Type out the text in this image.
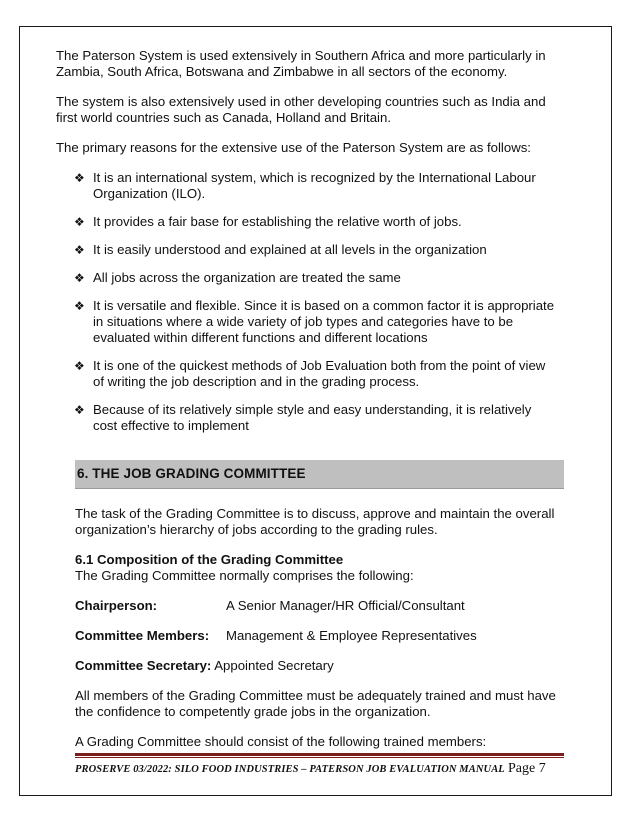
The Paterson System is used extensively in Southern Africa and more particularly in Zambia, South Africa, Botswana and Zimbabwe in all sectors of the economy.

The system is also extensively used in other developing countries such as India and first world countries such as Canada, Holland and Britain.

The primary reasons for the extensive use of the Paterson System are as follows:

❖ It is an international system, which is recognized by the International Labour Organization (ILO).
❖ It provides a fair base for establishing the relative worth of jobs.
❖ It is easily understood and explained at all levels in the organization
❖ All jobs across the organization are treated the same
❖ It is versatile and flexible. Since it is based on a common factor it is appropriate in situations where a wide variety of job types and categories have to be evaluated within different functions and different locations
❖ It is one of the quickest methods of Job Evaluation both from the point of view of writing the job description and in the grading process.
❖ Because of its relatively simple style and easy understanding, it is relatively cost effective to implement
6. THE JOB GRADING COMMITTEE

The task of the Grading Committee is to discuss, approve and maintain the overall organization’s hierarchy of jobs according to the grading rules.

6.1 Composition of the Grading Committee

The Grading Committee normally comprises the following:

Chairperson:	A Senior Manager/HR Official/Consultant
Committee Members: Management & Employee Representatives

Committee Secretary: Appointed Secretary

All members of the Grading Committee must be adequately trained and must have the confidence to competently grade jobs in the organization.

A Grading Committee should consist of the following trained members:

PROSERVE 03/2022: SILO FOOD INDUSTRIES – PATERSON JOB EVALUATION MANUAL Page 7
